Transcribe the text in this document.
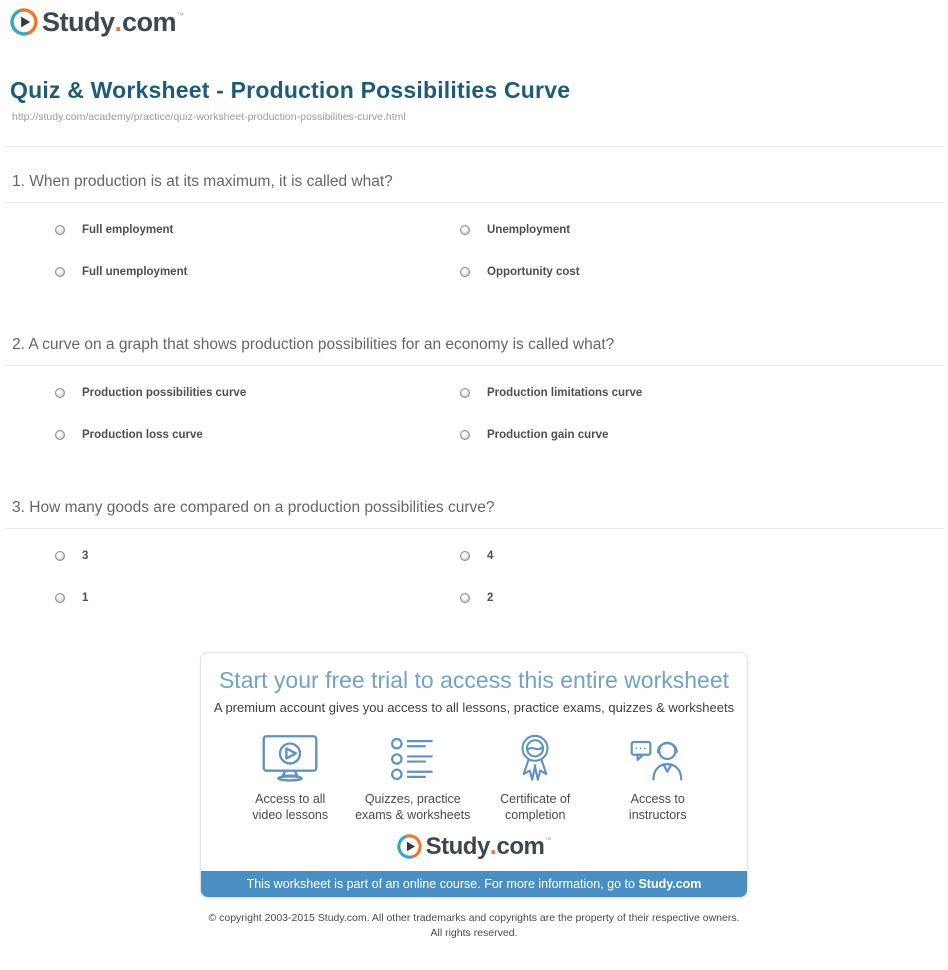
Study . com ™
Quiz & Worksheet - Production Possibilities Curve
http://study.com/academy/practice/quiz-worksheet-production-possibilities-curve.html
1. When production is at its maximum, it is called what?
Full employment	Unemployment
Full unemployment	Opportunity cost
2. A curve on a graph that shows production possibilities for an economy is called what?
Production possibilities curve	Production limitations curve
Production loss curve	Production gain curve
3. How many goods are compared on a production possibilities curve?
3	4
1	2
Start your free trial to access this entire worksheet
A premium account gives you access to all lessons, practice exams, quizzes & worksheets
Access to all
video lessons
Quizzes, practice
exams & worksheets
Certificate of
completion
Access to
instructors
Study . com ™
This worksheet is part of an online course. For more information, go to Study.com
© copyright 2003-2015 Study.com. All other trademarks and copyrights are the property of their respective owners.
All rights reserved.
